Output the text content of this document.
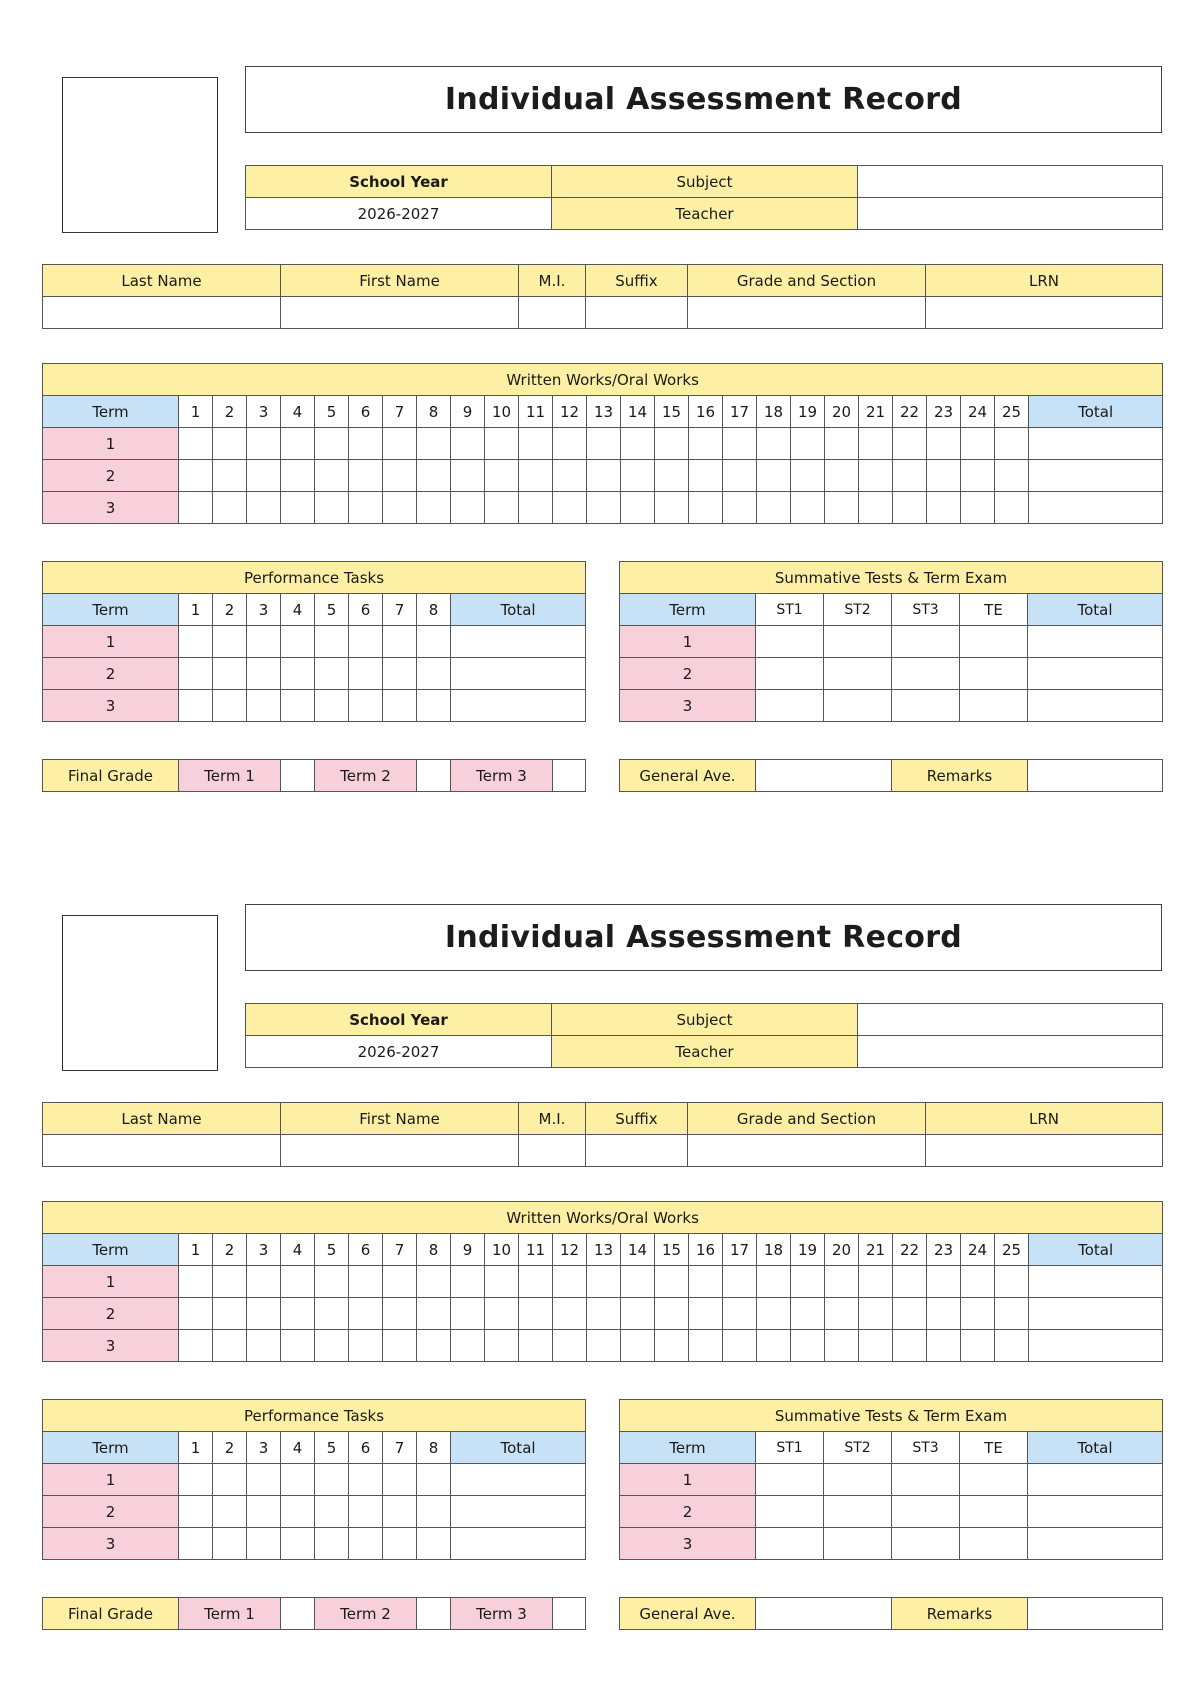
Individual Assessment Record
School Year	Subject	
2026-2027	Teacher	
Last Name	First Name	M.I.	Suffix	Grade and Section	LRN

Written Works/Oral Works																										
Term	1	2	3	4	5	6	7	8	9	10	11	12	13	14	15	16	17	18	19	20	21	22	23	24	25	Total
1																										
2																										
3																										
Performance Tasks									
Term	1	2	3	4	5	6	7	8	Total
1									
2									
3									
Summative Tests & Term Exam					
Term	ST1	ST2	ST3	TE	Total
1					
2					
3					
Final Grade	Term 1		Term 2		Term 3		General Ave.		Remarks	
Individual Assessment Record
School Year	Subject	
2026-2027	Teacher	
Last Name	First Name	M.I.	Suffix	Grade and Section	LRN

Written Works/Oral Works																										
Term	1	2	3	4	5	6	7	8	9	10	11	12	13	14	15	16	17	18	19	20	21	22	23	24	25	Total
1																										
2																										
3																										
Performance Tasks									
Term	1	2	3	4	5	6	7	8	Total
1									
2									
3									
Summative Tests & Term Exam					
Term	ST1	ST2	ST3	TE	Total
1					
2					
3					
Final Grade	Term 1		Term 2		Term 3		General Ave.		Remarks	
